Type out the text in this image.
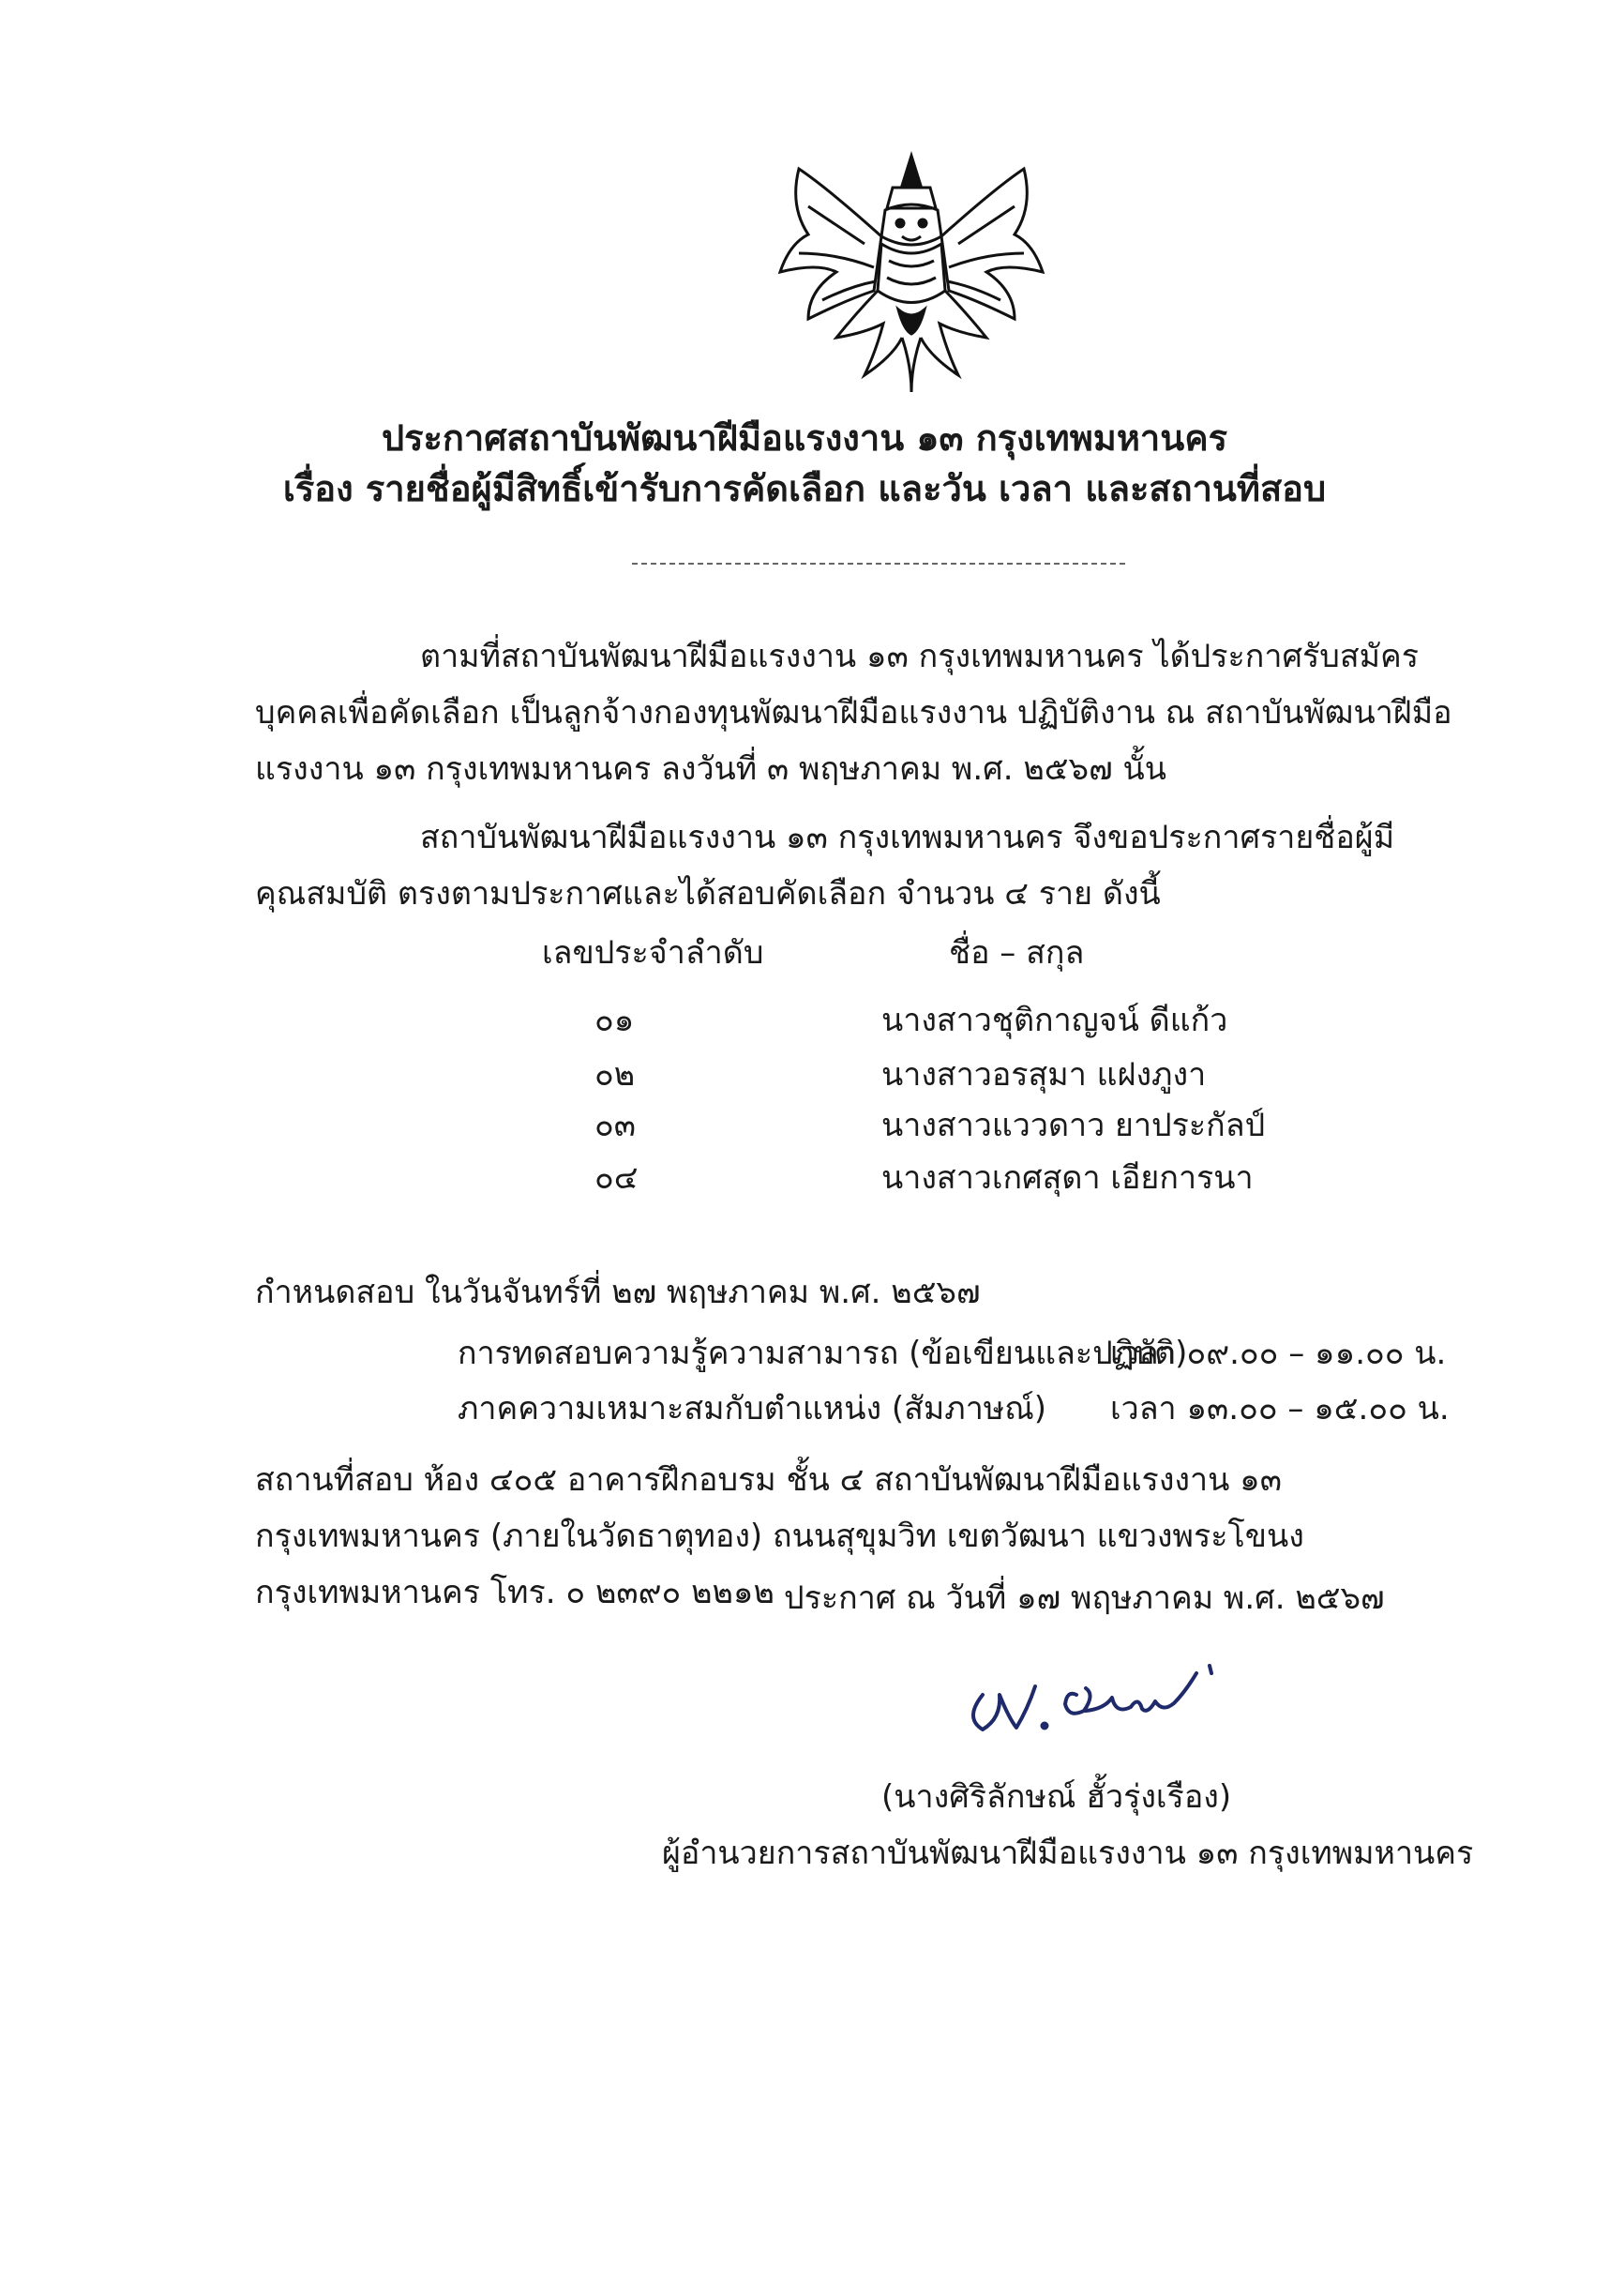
ประกาศสถาบันพัฒนาฝีมือแรงงาน ๑๓ กรุงเทพมหานคร
เรื่อง รายชื่อผู้มีสิทธิ์เข้ารับการคัดเลือก และวัน เวลา และสถานที่สอบ
ตามที่สถาบันพัฒนาฝีมือแรงงาน ๑๓ กรุงเทพมหานคร ได้ประกาศรับสมัครบุคคลเพื่อคัดเลือก เป็นลูกจ้างกองทุนพัฒนาฝีมือแรงงาน ปฏิบัติงาน ณ สถาบันพัฒนาฝีมือแรงงาน ๑๓ กรุงเทพมหานคร ลงวันที่ ๓ พฤษภาคม พ.ศ. ๒๕๖๗ นั้น
สถาบันพัฒนาฝีมือแรงงาน ๑๓ กรุงเทพมหานคร จึงขอประกาศรายชื่อผู้มีคุณสมบัติ ตรงตามประกาศและได้สอบคัดเลือก จำนวน ๔ ราย ดังนี้
เลขประจำลำดับ	ชื่อ – สกุล
๐๑	นางสาวชุติกาญจน์ ดีแก้ว
๐๒	นางสาวอรสุมา แฝงภูงา
๐๓	นางสาวแววดาว ยาประกัลป์
๐๔	นางสาวเกศสุดา เอียการนา
กำหนดสอบ ในวันจันทร์ที่ ๒๗ พฤษภาคม พ.ศ. ๒๕๖๗
การทดสอบความรู้ความสามารถ (ข้อเขียนและปฏิบัติ)
เวลา ๐๙.๐๐ – ๑๑.๐๐ น.
ภาคความเหมาะสมกับตำแหน่ง (สัมภาษณ์) เวลา ๑๓.๐๐ – ๑๕.๐๐ น.
สถานที่สอบ ห้อง ๔๐๕ อาคารฝึกอบรม ชั้น ๔ สถาบันพัฒนาฝีมือแรงงาน ๑๓ กรุงเทพมหานคร (ภายในวัดธาตุทอง) ถนนสุขุมวิท เขตวัฒนา แขวงพระโขนง กรุงเทพมหานคร โทร. ๐ ๒๓๙๐ ๒๒๑๒ ประกาศ ณ วันที่ ๑๗ พฤษภาคม พ.ศ. ๒๕๖๗
(นางศิริลักษณ์ ฮั้วรุ่งเรือง)
ผู้อำนวยการสถาบันพัฒนาฝีมือแรงงาน ๑๓ กรุงเทพมหานคร
